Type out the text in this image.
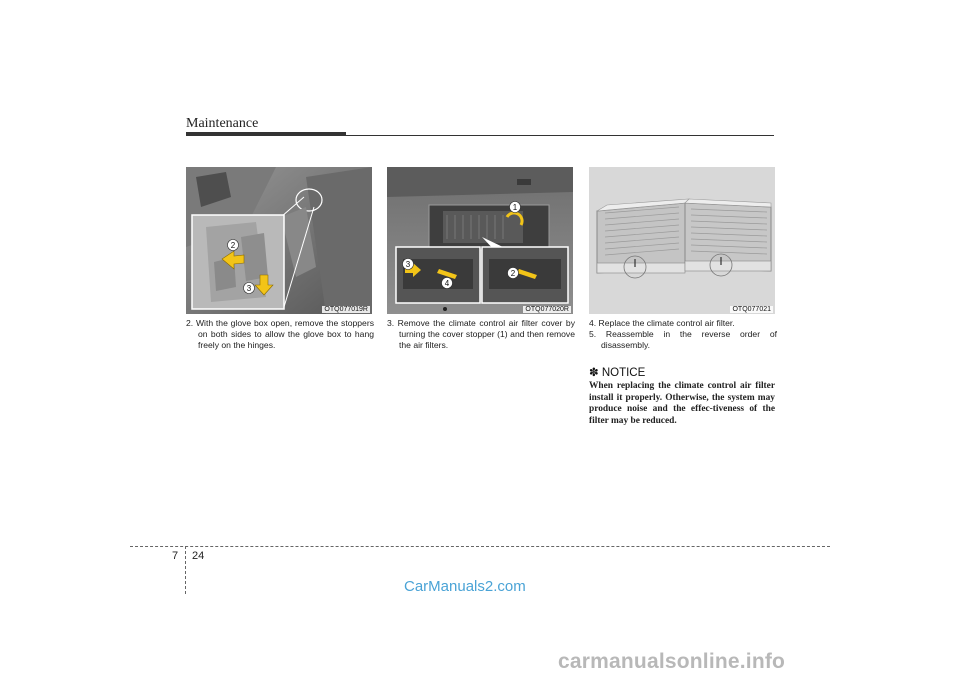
Maintenance
2
3
OTQ077019R
1
3
4
2
OTQ077020R	OTQ077021
2. With the glove box open, remove the stoppers on both sides to allow the glove box to hang freely on the hinges.
3. Remove the climate control air filter cover by turning the cover stopper (1) and then remove the air filters.
4. Replace the climate control air filter.
5. Reassemble in the reverse order of disassembly.
✽ NOTICE
When replacing the climate control air filter install it properly. Otherwise, the system may produce noise and the effec-tiveness of the filter may be reduced.
7 24
CarManuals2.com
carmanualsonline.info
